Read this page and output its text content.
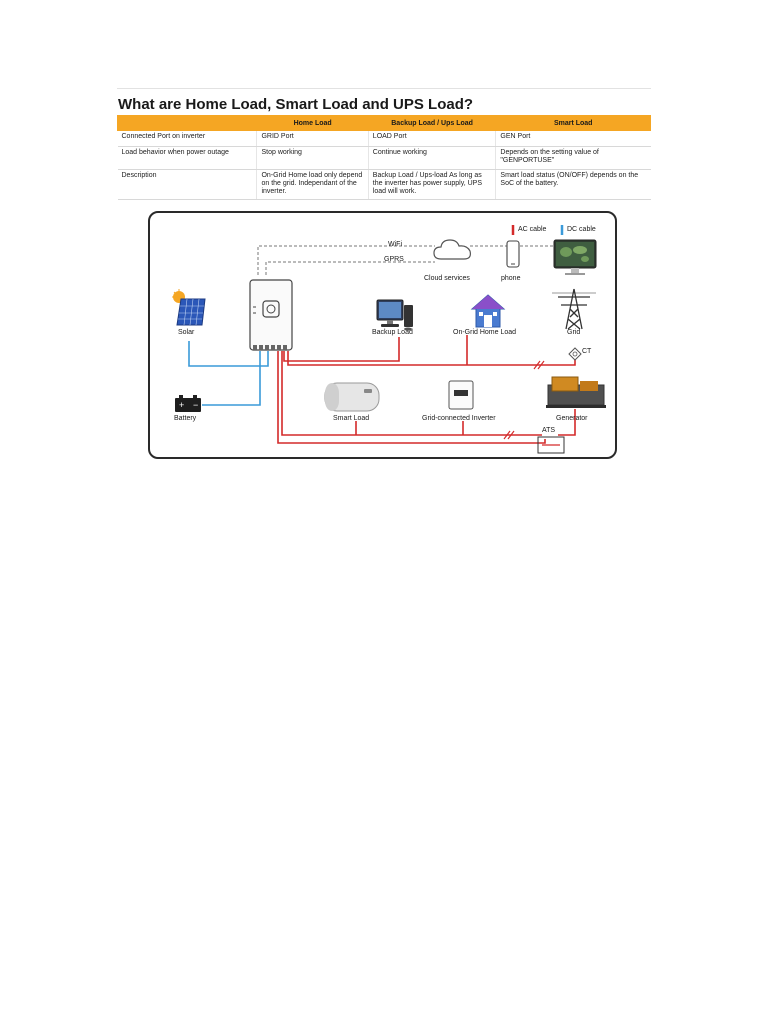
What are Home Load, Smart Load and UPS Load?
	Home Load	Backup Load / Ups Load	Smart Load
Connected Port on inverter	GRID Port	LOAD Port	GEN Port
Load behavior when power outage	Stop working	Continue working	Depends on the setting value of "GENPORTUSE"
Description	On-Grid Home load only depend on the grid. Independant of the inverter.	Backup Load / Ups-load As long as the inverter has power supply, UPS load will work.	Smart load status (ON/OFF) depends on the SoC of the battery.
+ −
AC cable	DC cable
WiFi
GPRS
Cloud services	phone
Solar	Backup Load	On-Grid Home Load	Grid
CT
Battery	Smart Load	Grid-connected Inverter	Generator
ATS
